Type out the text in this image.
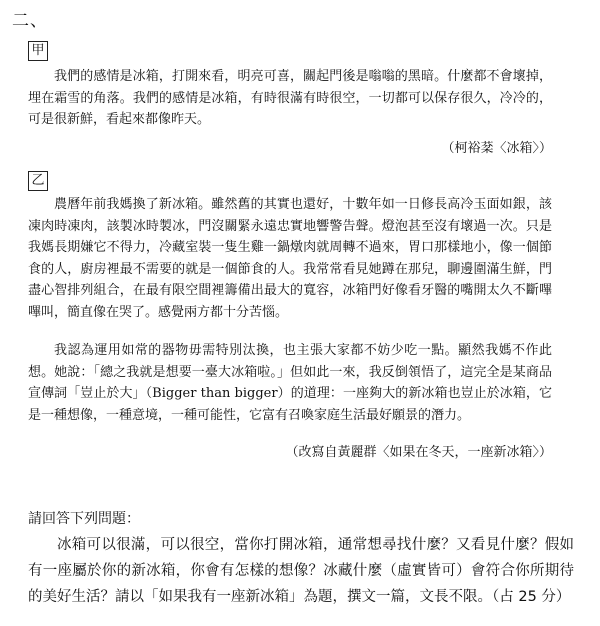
二、
甲

我們的感情是冰箱，打開來看，明亮可喜，關起門後是嗡嗡的黑暗。什麼都不會壞掉，埋在霜雪的角落。我們的感情是冰箱，有時很滿有時很空，一切都可以保存很久，冷冷的，可是很新鮮，看起來都像昨天。

（柯裕棻〈冰箱〉）
乙

農曆年前我媽換了新冰箱。雖然舊的其實也還好，十數年如一日修長高冷玉面如銀，該凍肉時凍肉，該製冰時製冰，門沒關緊永遠忠實地響警告聲。燈泡甚至沒有壞過一次。只是我媽長期嫌它不得力，冷藏室裝一隻生雞一鍋燉肉就周轉不過來，胃口那樣地小，像一個節食的人，廚房裡最不需要的就是一個節食的人。我常常看見她蹲在那兒，聊邊圍滿生鮮，門盡心智排列組合，在最有限空間裡籌備出最大的寬容，冰箱門好像看牙醫的嘴開太久不斷嗶嗶叫，簡直像在哭了。感覺兩方都十分苦惱。

我認為運用如常的器物毋需特別汰換，也主張大家都不妨少吃一點。顯然我媽不作此想。她說：「總之我就是想要一臺大冰箱啦。」但如此一來，我反倒領悟了，這完全是某商品宣傳詞「豈止於大」（Bigger than bigger）的道理：一座夠大的新冰箱也豈止於冰箱，它是一種想像，一種意境，一種可能性，它富有召喚家庭生活最好願景的潛力。

（改寫自黃麗群〈如果在冬天，一座新冰箱〉）
請回答下列問題：

冰箱可以很滿，可以很空，當你打開冰箱，通常想尋找什麼？又看見什麼？假如有一座屬於你的新冰箱，你會有怎樣的想像？冰藏什麼（虛實皆可）會符合你所期待的美好生活？請以「如果我有一座新冰箱」為題，撰文一篇，文長不限。（占 25 分）
